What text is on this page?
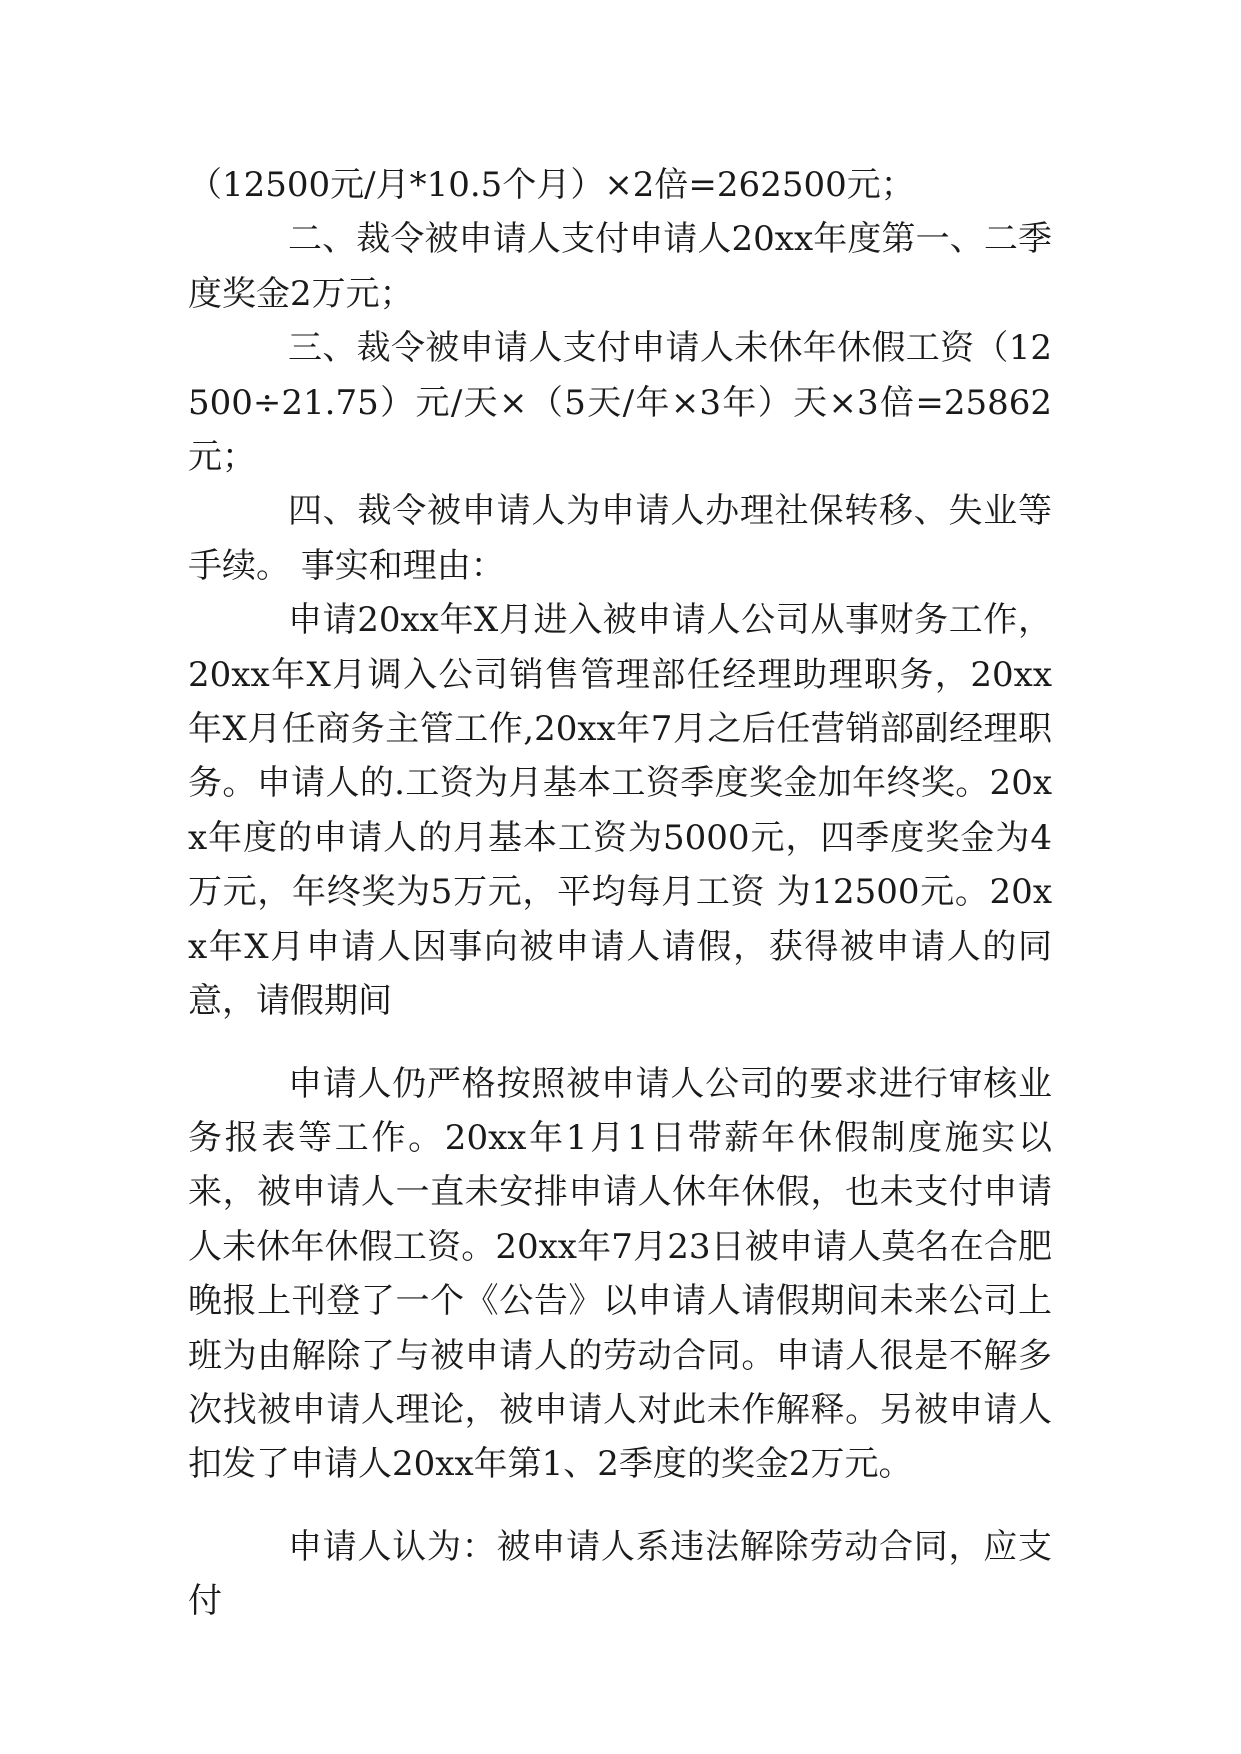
（12500元/月*10.5个月）×2倍=262500元；

二、裁令被申请人支付申请人20xx年度第一、二季度奖金2万元；

三、裁令被申请人支付申请人未休年休假工资（12500÷21.75）元/天×（5天/年×3年）天×3倍=25862元；

四、裁令被申请人为申请人办理社保转移、失业等手续。 事实和理由：

申请20xx年X月进入被申请人公司从事财务工作，20xx年X月调入公司销售管理部任经理助理职务，20xx年X月任商务主管工作,20xx年7月之后任营销部副经理职务。申请人的.工资为月基本工资季度奖金加年终奖。20xx年度的申请人的月基本工资为5000元，四季度奖金为4万元，年终奖为5万元，平均每月工资 为12500元。20xx年X月申请人因事向被申请人请假，获得被申请人的同意，请假期间

申请人仍严格按照被申请人公司的要求进行审核业务报表等工作。20xx年1月1日带薪年休假制度施实以来，被申请人一直未安排申请人休年休假，也未支付申请人未休年休假工资。20xx年7月23日被申请人莫名在合肥晚报上刊登了一个《公告》以申请人请假期间未来公司上班为由解除了与被申请人的劳动合同。申请人很是不解多次找被申请人理论，被申请人对此未作解释。另被申请人扣发了申请人20xx年第1、2季度的奖金2万元。

申请人认为：被申请人系违法解除劳动合同，应支付
